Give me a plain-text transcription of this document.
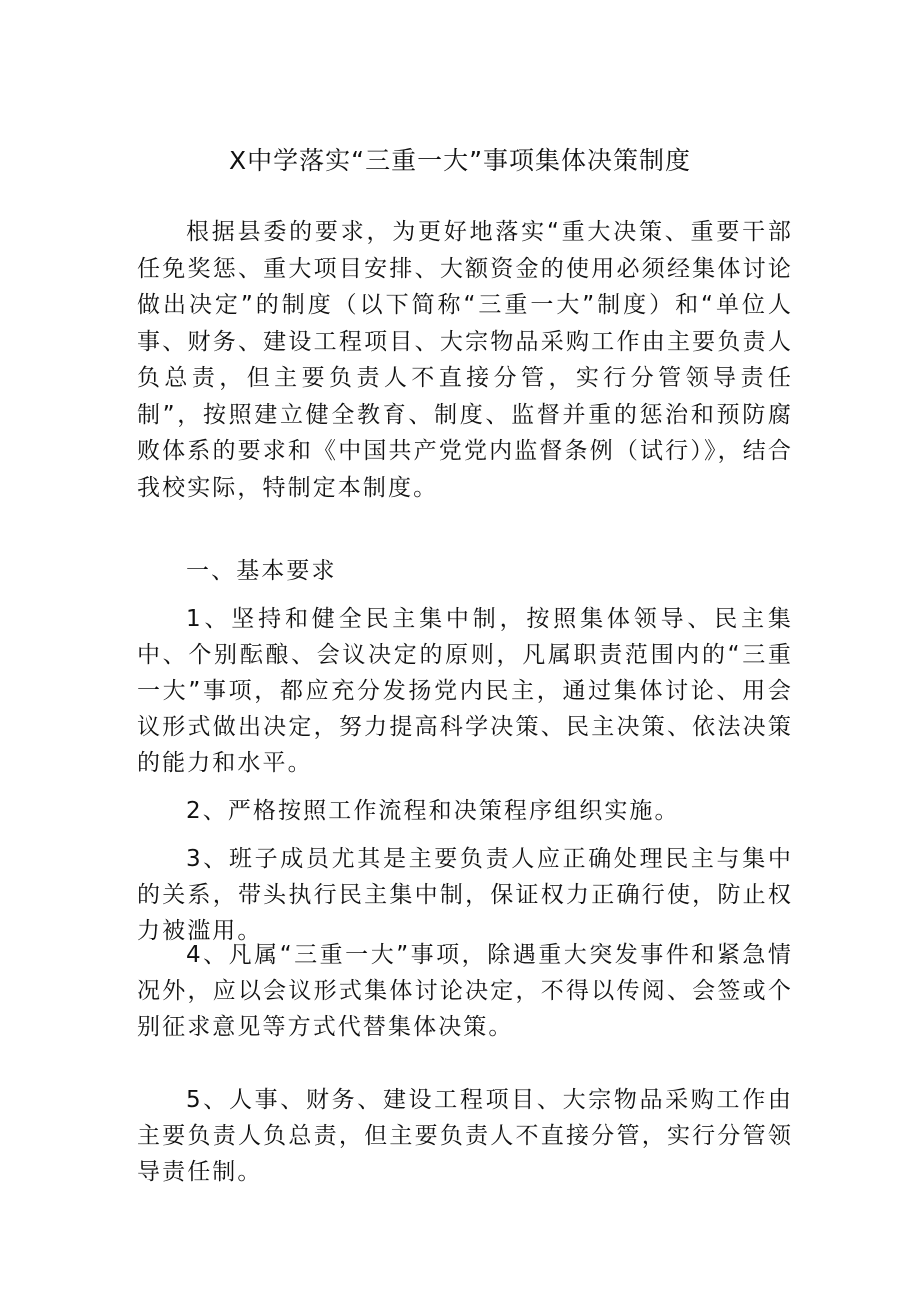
X中学落实“三重一大”事项集体决策制度

根据县委的要求，为更好地落实“重大决策、重要干部任免奖惩、重大项目安排、大额资金的使用必须经集体讨论做出决定”的制度（以下简称“三重一大”制度）和“单位人事、财务、建设工程项目、大宗物品采购工作由主要负责人负总责，但主要负责人不直接分管，实行分管领导责任制”，按照建立健全教育、制度、监督并重的惩治和预防腐败体系的要求和《中国共产党党内监督条例（试行）》，结合我校实际，特制定本制度。

一、基本要求

1、坚持和健全民主集中制，按照集体领导、民主集中、个别酝酿、会议决定的原则，凡属职责范围内的“三重一大”事项，都应充分发扬党内民主，通过集体讨论、用会议形式做出决定，努力提高科学决策、民主决策、依法决策的能力和水平。

2、严格按照工作流程和决策程序组织实施。

3、班子成员尤其是主要负责人应正确处理民主与集中的关系，带头执行民主集中制，保证权力正确行使，防止权力被滥用。

4、凡属“三重一大”事项，除遇重大突发事件和紧急情况外，应以会议形式集体讨论决定，不得以传阅、会签或个别征求意见等方式代替集体决策。

5、人事、财务、建设工程项目、大宗物品采购工作由主要负责人负总责，但主要负责人不直接分管，实行分管领导责任制。
